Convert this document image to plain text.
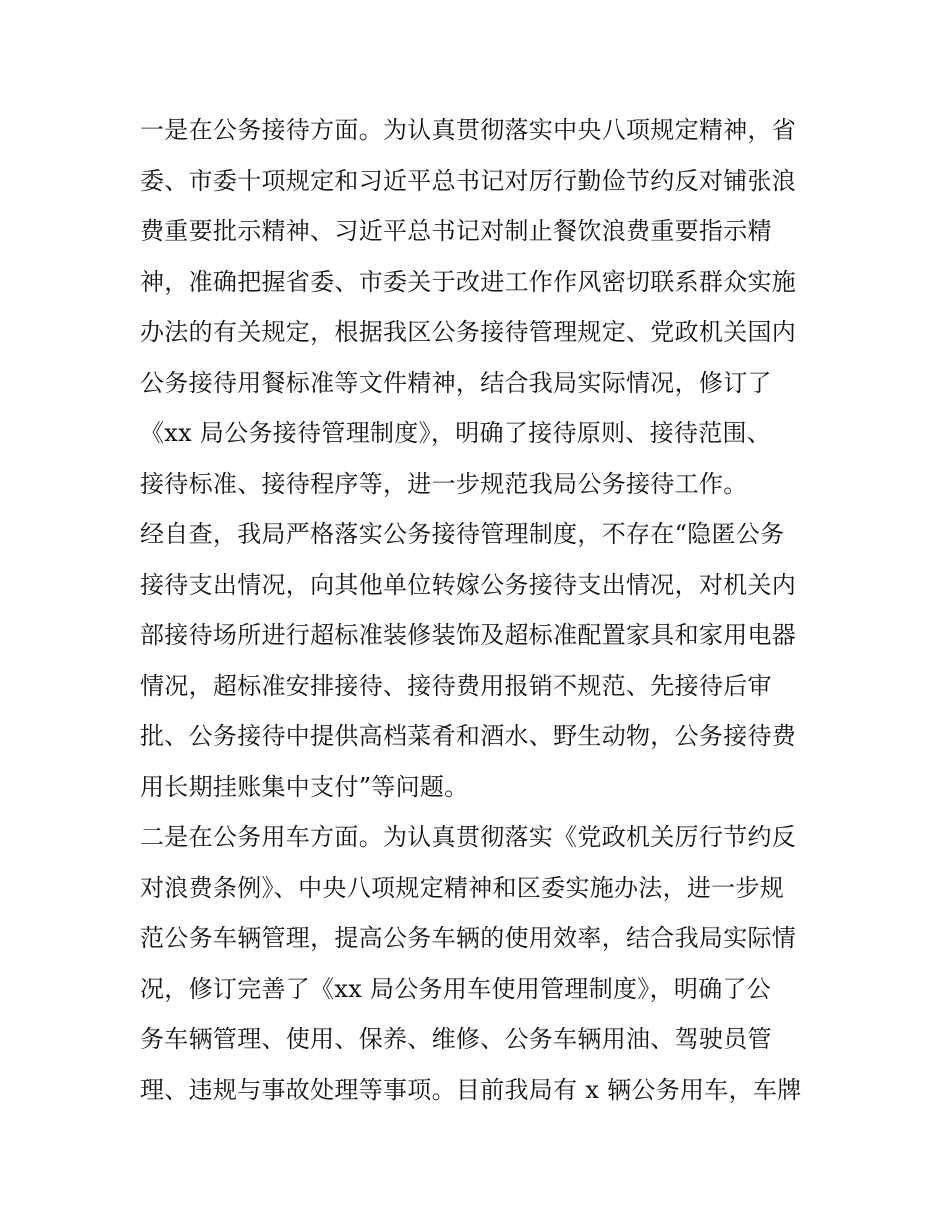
一是在公务接待方面。为认真贯彻落实中央八项规定精神，省
委、市委十项规定和习近平总书记对厉行勤俭节约反对铺张浪
费重要批示精神、习近平总书记对制止餐饮浪费重要指示精
神，准确把握省委、市委关于改进工作作风密切联系群众实施
办法的有关规定，根据我区公务接待管理规定、党政机关国内
公务接待用餐标准等文件精神，结合我局实际情况，修订了
《xx 局公务接待管理制度》，明确了接待原则、接待范围、
接待标准、接待程序等，进一步规范我局公务接待工作。
经自查，我局严格落实公务接待管理制度，不存在“隐匿公务
接待支出情况，向其他单位转嫁公务接待支出情况，对机关内
部接待场所进行超标准装修装饰及超标准配置家具和家用电器
情况，超标准安排接待、接待费用报销不规范、先接待后审
批、公务接待中提供高档菜肴和酒水、野生动物，公务接待费
用长期挂账集中支付”等问题。
二是在公务用车方面。为认真贯彻落实《党政机关厉行节约反
对浪费条例》、中央八项规定精神和区委实施办法，进一步规
范公务车辆管理，提高公务车辆的使用效率，结合我局实际情
况，修订完善了《xx 局公务用车使用管理制度》，明确了公
务车辆管理、使用、保养、维修、公务车辆用油、驾驶员管
理、违规与事故处理等事项。目前我局有 x 辆公务用车，车牌
